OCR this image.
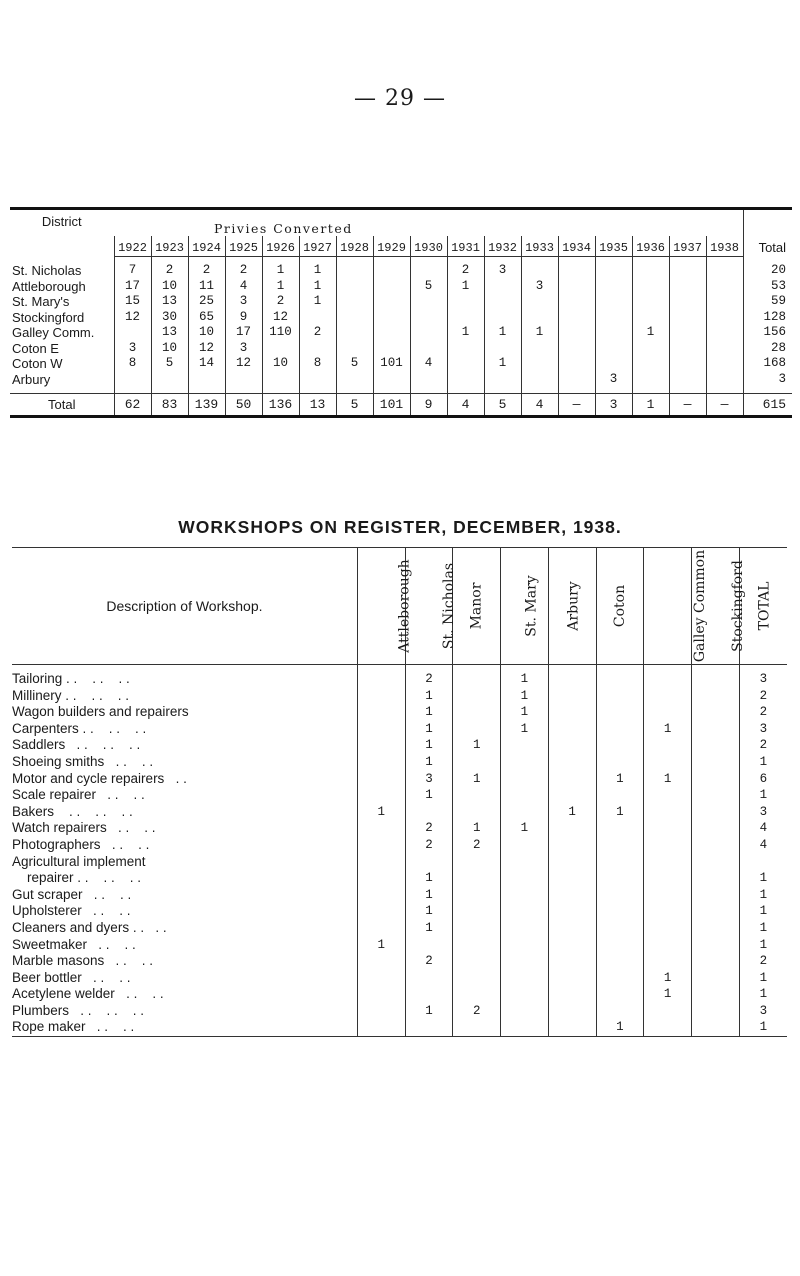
— 29 —
District	Privies Converted																	Total
	1922	1923	1924	1925	1926	1927	1928	1929	1930	1931	1932	1933	1934	1935	1936	1937	1938	

St. Nicholas	7	2	2	2	1	1				2	3							20
Attleborough	17	10	11	4	1	1			5	1		3						53
St. Mary's	15	13	25	3	2	1												59
Stockingford	12	30	65	9	12													128
Galley Comm.		13	10	17	110	2				1	1	1			1			156
Coton E	3	10	12	3														28
Coton W	8	5	14	12	10	8	5	101	4		1							168
Arbury														3				3

Total	62	83	139	50	136	13	5	101	9	4	5	4	—	3	1	—	—	615
WORKSHOPS ON REGISTER, DECEMBER, 1938.
Description of Workshop.	Attleborough	St. Nicholas	Manor	St. Mary	Arbury	Coton	Galley Common	Stockingford	TOTAL
Tailoring . .    . .    . .		2		1					3
Millinery . .    . .    . .		1		1					2
Wagon builders and repairers		1		1					2
Carpenters . .    . .    . .		1		1			1		3
Saddlers   . .    . .    . .		1	1						2
Shoeing smiths   . .    . .		1							1
Motor and cycle repairers   . .		3	1			1	1		6
Scale repairer   . .    . .		1							1
Bakers    . .    . .    . .	1				1	1			3
Watch repairers   . .    . .		2	1	1					4
Photographers   . .    . .		2	2						4
Agricultural implement									
repairer . .    . .    . .		1							1
Gut scraper   . .    . .		1							1
Upholsterer   . .    . .		1							1
Cleaners and dyers . .   . .		1							1
Sweetmaker   . .    . .	1								1
Marble masons   . .    . .		2							2
Beer bottler   . .    . .							1		1
Acetylene welder   . .    . .							1		1
Plumbers   . .    . .    . .		1	2						3
Rope maker   . .    . .						1			1
